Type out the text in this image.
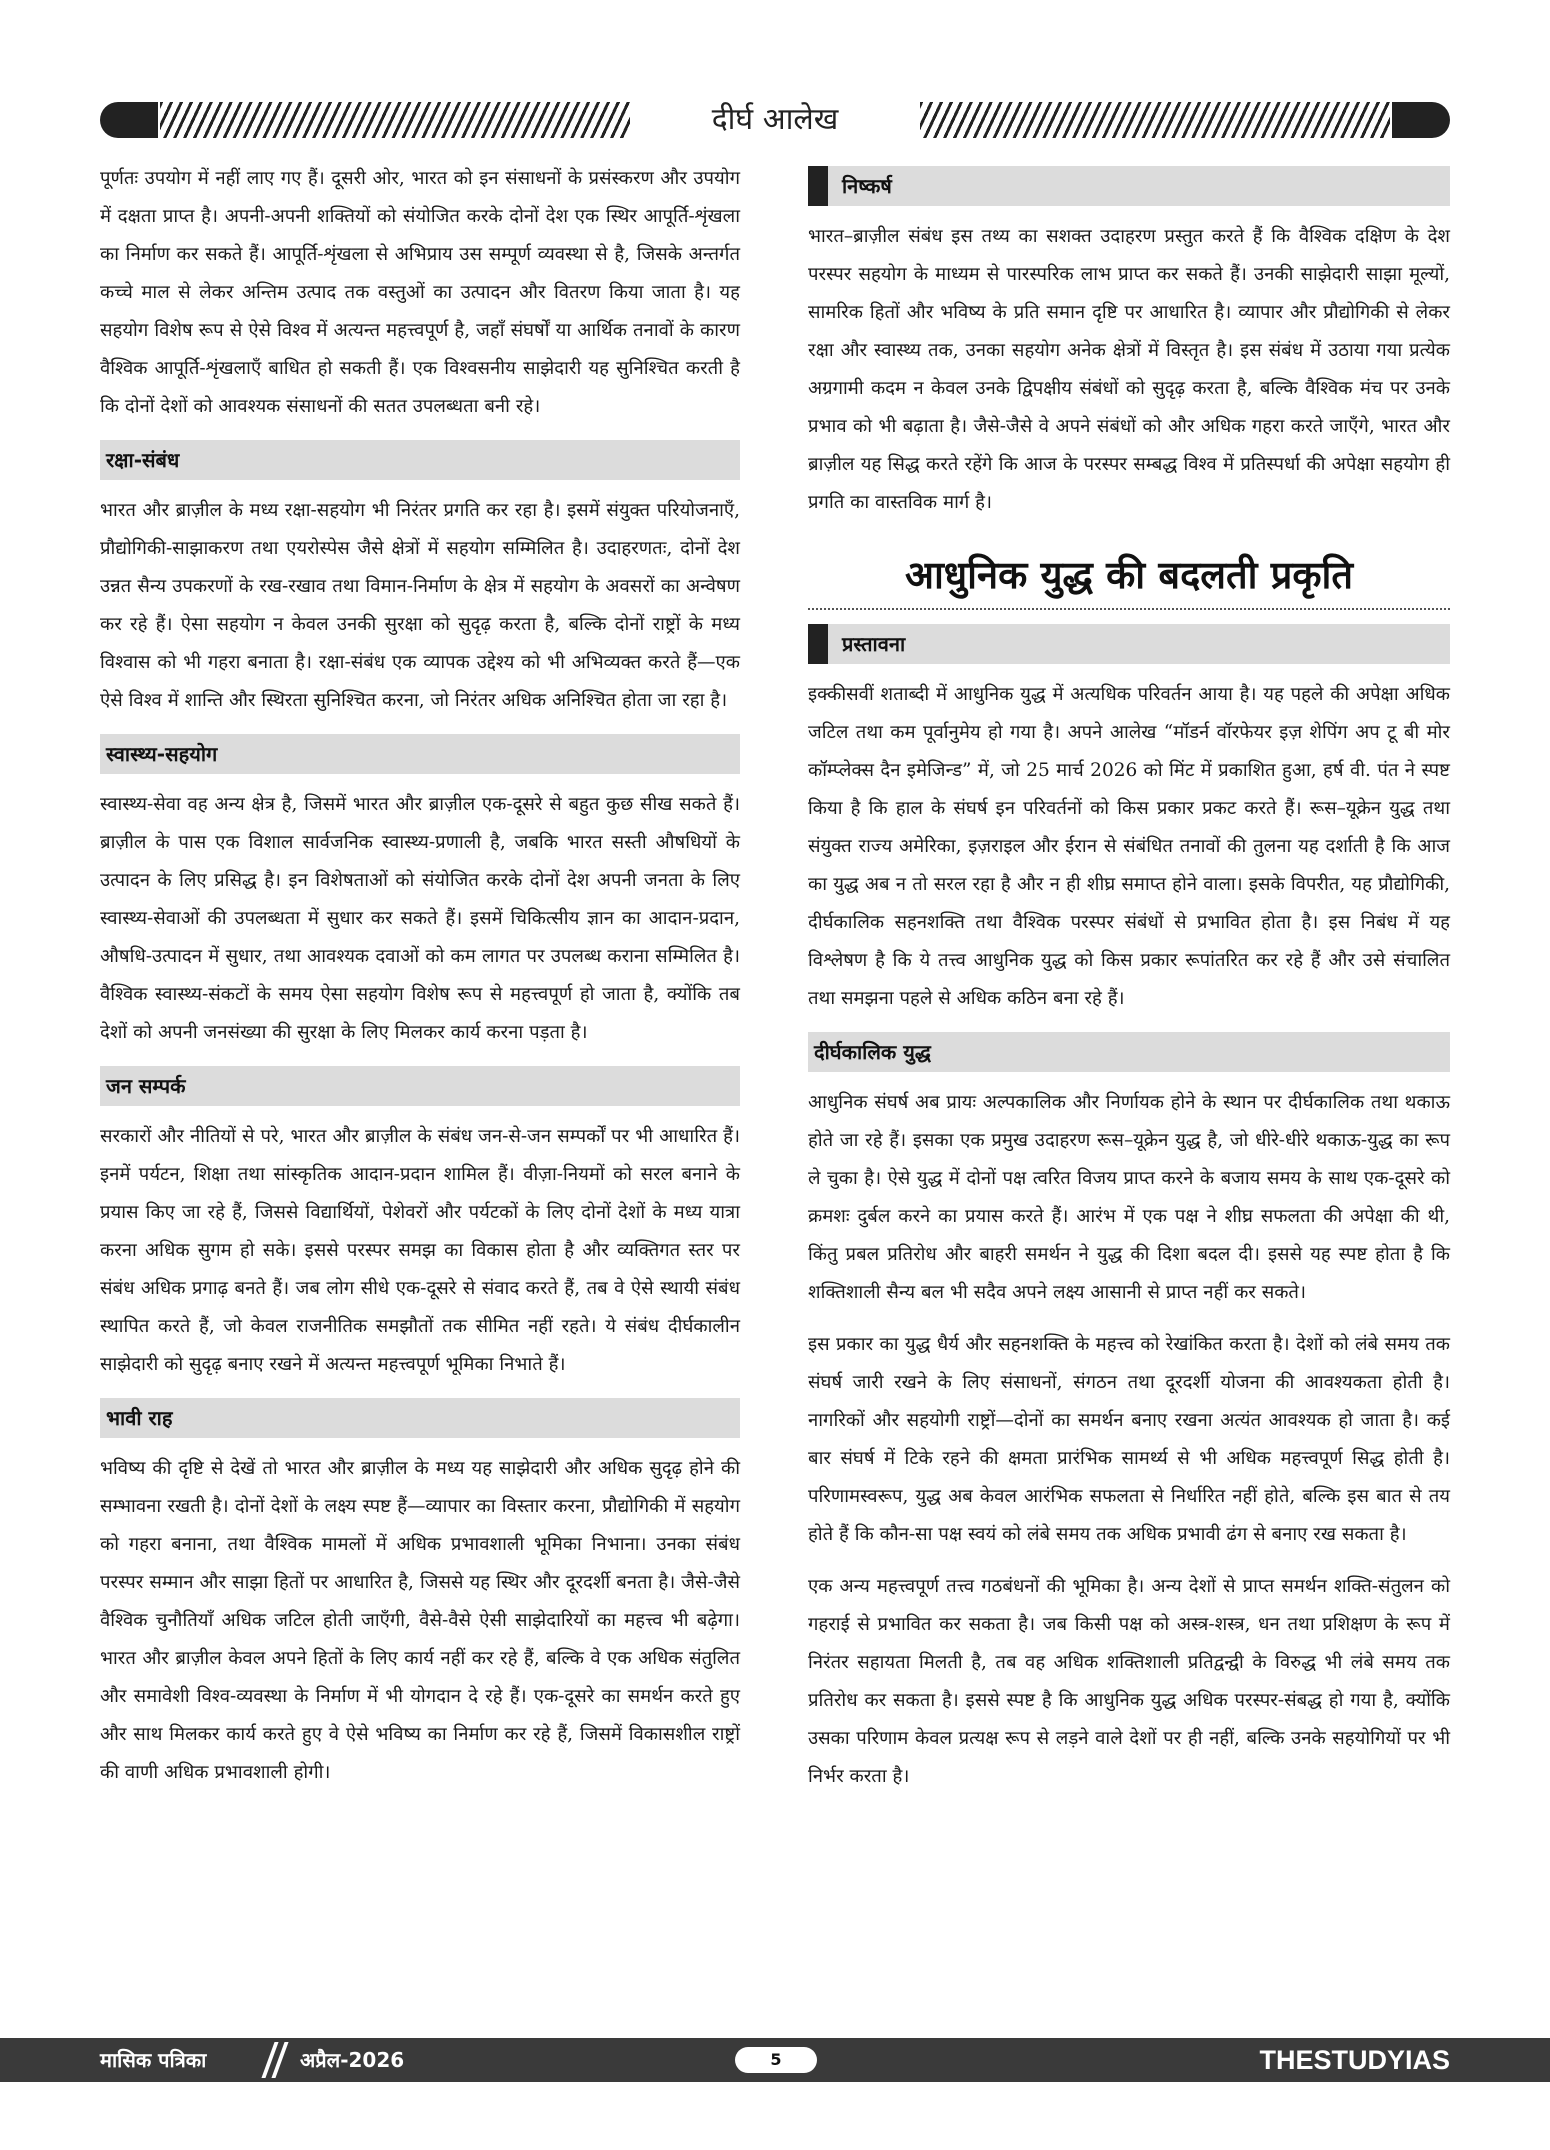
दीर्घ आलेख

पूर्णतः उपयोग में नहीं लाए गए हैं। दूसरी ओर, भारत को इन संसाधनों के प्रसंस्करण और उपयोग में दक्षता प्राप्त है। अपनी-अपनी शक्तियों को संयोजित करके दोनों देश एक स्थिर आपूर्ति-शृंखला का निर्माण कर सकते हैं। आपूर्ति-शृंखला से अभिप्राय उस सम्पूर्ण व्यवस्था से है, जिसके अन्तर्गत कच्चे माल से लेकर अन्तिम उत्पाद तक वस्तुओं का उत्पादन और वितरण किया जाता है। यह सहयोग विशेष रूप से ऐसे विश्व में अत्यन्त महत्त्वपूर्ण है, जहाँ संघर्षों या आर्थिक तनावों के कारण वैश्विक आपूर्ति-शृंखलाएँ बाधित हो सकती हैं। एक विश्वसनीय साझेदारी यह सुनिश्चित करती है कि दोनों देशों को आवश्यक संसाधनों की सतत उपलब्धता बनी रहे।

रक्षा-संबंध

भारत और ब्राज़ील के मध्य रक्षा-सहयोग भी निरंतर प्रगति कर रहा है। इसमें संयुक्त परियोजनाएँ, प्रौद्योगिकी-साझाकरण तथा एयरोस्पेस जैसे क्षेत्रों में सहयोग सम्मिलित है। उदाहरणतः, दोनों देश उन्नत सैन्य उपकरणों के रख-रखाव तथा विमान-निर्माण के क्षेत्र में सहयोग के अवसरों का अन्वेषण कर रहे हैं। ऐसा सहयोग न केवल उनकी सुरक्षा को सुदृढ़ करता है, बल्कि दोनों राष्ट्रों के मध्य विश्वास को भी गहरा बनाता है। रक्षा-संबंध एक व्यापक उद्देश्य को भी अभिव्यक्त करते हैं—एक ऐसे विश्व में शान्ति और स्थिरता सुनिश्चित करना, जो निरंतर अधिक अनिश्चित होता जा रहा है।

स्वास्थ्य-सहयोग

स्वास्थ्य-सेवा वह अन्य क्षेत्र है, जिसमें भारत और ब्राज़ील एक-दूसरे से बहुत कुछ सीख सकते हैं। ब्राज़ील के पास एक विशाल सार्वजनिक स्वास्थ्य-प्रणाली है, जबकि भारत सस्ती औषधियों के उत्पादन के लिए प्रसिद्ध है। इन विशेषताओं को संयोजित करके दोनों देश अपनी जनता के लिए स्वास्थ्य-सेवाओं की उपलब्धता में सुधार कर सकते हैं। इसमें चिकित्सीय ज्ञान का आदान-प्रदान, औषधि-उत्पादन में सुधार, तथा आवश्यक दवाओं को कम लागत पर उपलब्ध कराना सम्मिलित है। वैश्विक स्वास्थ्य-संकटों के समय ऐसा सहयोग विशेष रूप से महत्त्वपूर्ण हो जाता है, क्योंकि तब देशों को अपनी जनसंख्या की सुरक्षा के लिए मिलकर कार्य करना पड़ता है।

जन सम्पर्क

सरकारों और नीतियों से परे, भारत और ब्राज़ील के संबंध जन-से-जन सम्पर्कों पर भी आधारित हैं। इनमें पर्यटन, शिक्षा तथा सांस्कृतिक आदान-प्रदान शामिल हैं। वीज़ा-नियमों को सरल बनाने के प्रयास किए जा रहे हैं, जिससे विद्यार्थियों, पेशेवरों और पर्यटकों के लिए दोनों देशों के मध्य यात्रा करना अधिक सुगम हो सके। इससे परस्पर समझ का विकास होता है और व्यक्तिगत स्तर पर संबंध अधिक प्रगाढ़ बनते हैं। जब लोग सीधे एक-दूसरे से संवाद करते हैं, तब वे ऐसे स्थायी संबंध स्थापित करते हैं, जो केवल राजनीतिक समझौतों तक सीमित नहीं रहते। ये संबंध दीर्घकालीन साझेदारी को सुदृढ़ बनाए रखने में अत्यन्त महत्त्वपूर्ण भूमिका निभाते हैं।

भावी राह

भविष्य की दृष्टि से देखें तो भारत और ब्राज़ील के मध्य यह साझेदारी और अधिक सुदृढ़ होने की सम्भावना रखती है। दोनों देशों के लक्ष्य स्पष्ट हैं—व्यापार का विस्तार करना, प्रौद्योगिकी में सहयोग को गहरा बनाना, तथा वैश्विक मामलों में अधिक प्रभावशाली भूमिका निभाना। उनका संबंध परस्पर सम्मान और साझा हितों पर आधारित है, जिससे यह स्थिर और दूरदर्शी बनता है। जैसे-जैसे वैश्विक चुनौतियाँ अधिक जटिल होती जाएँगी, वैसे-वैसे ऐसी साझेदारियों का महत्त्व भी बढ़ेगा। भारत और ब्राज़ील केवल अपने हितों के लिए कार्य नहीं कर रहे हैं, बल्कि वे एक अधिक संतुलित और समावेशी विश्व-व्यवस्था के निर्माण में भी योगदान दे रहे हैं। एक-दूसरे का समर्थन करते हुए और साथ मिलकर कार्य करते हुए वे ऐसे भविष्य का निर्माण कर रहे हैं, जिसमें विकासशील राष्ट्रों की वाणी अधिक प्रभावशाली होगी।

निष्कर्ष

भारत–ब्राज़ील संबंध इस तथ्य का सशक्त उदाहरण प्रस्तुत करते हैं कि वैश्विक दक्षिण के देश परस्पर सहयोग के माध्यम से पारस्परिक लाभ प्राप्त कर सकते हैं। उनकी साझेदारी साझा मूल्यों, सामरिक हितों और भविष्य के प्रति समान दृष्टि पर आधारित है। व्यापार और प्रौद्योगिकी से लेकर रक्षा और स्वास्थ्य तक, उनका सहयोग अनेक क्षेत्रों में विस्तृत है। इस संबंध में उठाया गया प्रत्येक अग्रगामी कदम न केवल उनके द्विपक्षीय संबंधों को सुदृढ़ करता है, बल्कि वैश्विक मंच पर उनके प्रभाव को भी बढ़ाता है। जैसे-जैसे वे अपने संबंधों को और अधिक गहरा करते जाएँगे, भारत और ब्राज़ील यह सिद्ध करते रहेंगे कि आज के परस्पर सम्बद्ध विश्व में प्रतिस्पर्धा की अपेक्षा सहयोग ही प्रगति का वास्तविक मार्ग है।

आधुनिक युद्ध की बदलती प्रकृति
प्रस्तावना

इक्कीसवीं शताब्दी में आधुनिक युद्ध में अत्यधिक परिवर्तन आया है। यह पहले की अपेक्षा अधिक जटिल तथा कम पूर्वानुमेय हो गया है। अपने आलेख “मॉडर्न वॉरफेयर इज़ शेपिंग अप टू बी मोर कॉम्प्लेक्स दैन इमेजिन्ड” में, जो 25 मार्च 2026 को मिंट में प्रकाशित हुआ, हर्ष वी. पंत ने स्पष्ट किया है कि हाल के संघर्ष इन परिवर्तनों को किस प्रकार प्रकट करते हैं। रूस–यूक्रेन युद्ध तथा संयुक्त राज्य अमेरिका, इज़राइल और ईरान से संबंधित तनावों की तुलना यह दर्शाती है कि आज का युद्ध अब न तो सरल रहा है और न ही शीघ्र समाप्त होने वाला। इसके विपरीत, यह प्रौद्योगिकी, दीर्घकालिक सहनशक्ति तथा वैश्विक परस्पर संबंधों से प्रभावित होता है। इस निबंध में यह विश्लेषण है कि ये तत्त्व आधुनिक युद्ध को किस प्रकार रूपांतरित कर रहे हैं और उसे संचालित तथा समझना पहले से अधिक कठिन बना रहे हैं।

दीर्घकालिक युद्ध

आधुनिक संघर्ष अब प्रायः अल्पकालिक और निर्णायक होने के स्थान पर दीर्घकालिक तथा थकाऊ होते जा रहे हैं। इसका एक प्रमुख उदाहरण रूस–यूक्रेन युद्ध है, जो धीरे-धीरे थकाऊ-युद्ध का रूप ले चुका है। ऐसे युद्ध में दोनों पक्ष त्वरित विजय प्राप्त करने के बजाय समय के साथ एक-दूसरे को क्रमशः दुर्बल करने का प्रयास करते हैं। आरंभ में एक पक्ष ने शीघ्र सफलता की अपेक्षा की थी, किंतु प्रबल प्रतिरोध और बाहरी समर्थन ने युद्ध की दिशा बदल दी। इससे यह स्पष्ट होता है कि शक्तिशाली सैन्य बल भी सदैव अपने लक्ष्य आसानी से प्राप्त नहीं कर सकते।

इस प्रकार का युद्ध धैर्य और सहनशक्ति के महत्त्व को रेखांकित करता है। देशों को लंबे समय तक संघर्ष जारी रखने के लिए संसाधनों, संगठन तथा दूरदर्शी योजना की आवश्यकता होती है। नागरिकों और सहयोगी राष्ट्रों—दोनों का समर्थन बनाए रखना अत्यंत आवश्यक हो जाता है। कई बार संघर्ष में टिके रहने की क्षमता प्रारंभिक सामर्थ्य से भी अधिक महत्त्वपूर्ण सिद्ध होती है। परिणामस्वरूप, युद्ध अब केवल आरंभिक सफलता से निर्धारित नहीं होते, बल्कि इस बात से तय होते हैं कि कौन-सा पक्ष स्वयं को लंबे समय तक अधिक प्रभावी ढंग से बनाए रख सकता है।

एक अन्य महत्त्वपूर्ण तत्त्व गठबंधनों की भूमिका है। अन्य देशों से प्राप्त समर्थन शक्ति-संतुलन को गहराई से प्रभावित कर सकता है। जब किसी पक्ष को अस्त्र-शस्त्र, धन तथा प्रशिक्षण के रूप में निरंतर सहायता मिलती है, तब वह अधिक शक्तिशाली प्रतिद्वन्द्वी के विरुद्ध भी लंबे समय तक प्रतिरोध कर सकता है। इससे स्पष्ट है कि आधुनिक युद्ध अधिक परस्पर-संबद्ध हो गया है, क्योंकि उसका परिणाम केवल प्रत्यक्ष रूप से लड़ने वाले देशों पर ही नहीं, बल्कि उनके सहयोगियों पर भी निर्भर करता है।

मासिक पत्रिका	अप्रैल-2026	5	THESTUDYIAS
